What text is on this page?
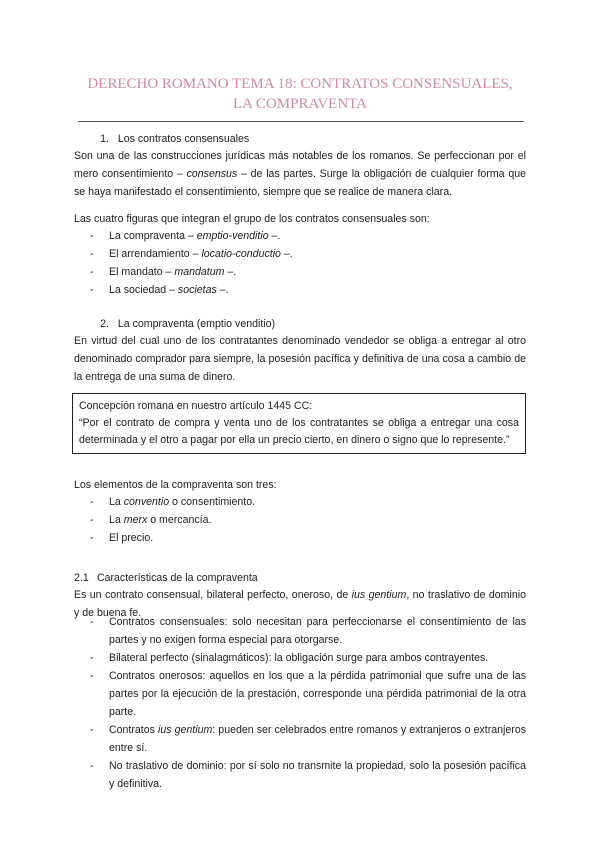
DERECHO ROMANO TEMA 18: CONTRATOS CONSENSUALES, LA COMPRAVENTA

1. Los contratos consensuales

Son una de las construcciones jurídicas más notables de los romanos. Se perfeccionan por el mero consentimiento – consensus – de las partes. Surge la obligación de cualquier forma que se haya manifestado el consentimiento, siempre que se realice de manera clara.

Las cuatro figuras que integran el grupo de los contratos consensuales son:

- La compraventa – emptio-venditio –.
- El arrendamiento – locatio-conductio –.
- El mandato – mandatum –.
- La sociedad – societas –.

2. La compraventa (emptio venditio)

En virtud del cual uno de los contratantes denominado vendedor se obliga a entregar al otro denominado comprador para siempre, la posesión pacífica y definitiva de una cosa a cambio de la entrega de una suma de dinero.

Concepción romana en nuestro artículo 1445 CC:

“Por el contrato de compra y venta uno de los contratantes se obliga a entregar una cosa determinada y el otro a pagar por ella un precio cierto, en dinero o signo que lo represente.”

Los elementos de la compraventa son tres:

- La conventio o consentimiento.
- La merx o mercancía.
- El precio.

2.1 Características de la compraventa

Es un contrato consensual, bilateral perfecto, oneroso, de ius gentium, no traslativo de dominio y de buena fe.

- Contratos consensuales: solo necesitan para perfeccionarse el consentimiento de las partes y no exigen forma especial para otorgarse.
- Bilateral perfecto (sinalagmáticos): la obligación surge para ambos contrayentes.
- Contratos onerosos: aquellos en los que a la pérdida patrimonial que sufre una de las partes por la ejecución de la prestación, corresponde una pérdida patrimonial de la otra parte.
- Contratos ius gentium: pueden ser celebrados entre romanos y extranjeros o extranjeros entre sí.
- No traslativo de dominio: por sí solo no transmite la propiedad, solo la posesión pacífica y definitiva.
